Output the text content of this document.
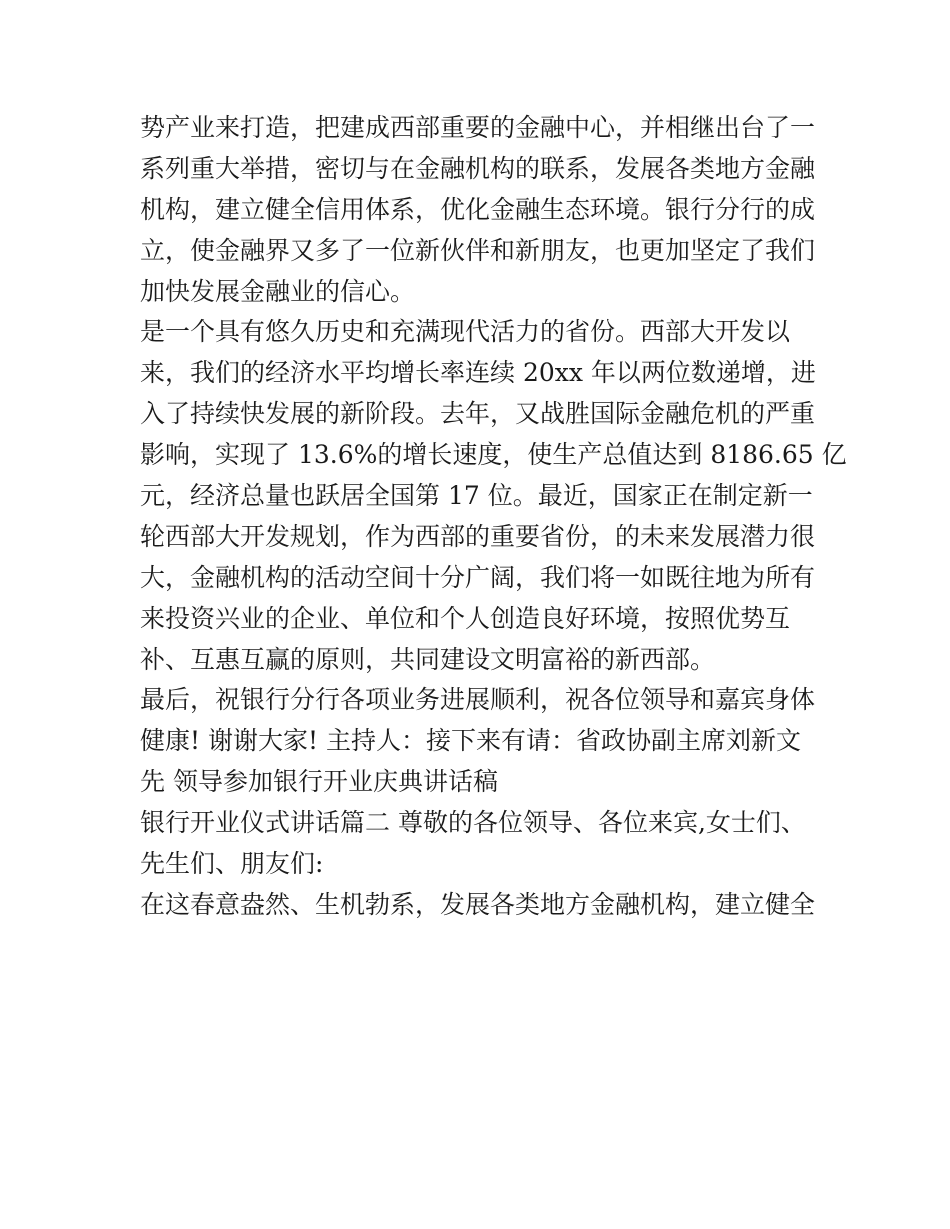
势产业来打造，把建成西部重要的金融中心，并相继出台了一
系列重大举措，密切与在金融机构的联系，发展各类地方金融
机构，建立健全信用体系，优化金融生态环境。银行分行的成
立，使金融界又多了一位新伙伴和新朋友，也更加坚定了我们
加快发展金融业的信心。
是一个具有悠久历史和充满现代活力的省份。西部大开发以
来，我们的经济水平均增长率连续 20xx 年以两位数递增，进
入了持续快发展的新阶段。去年，又战胜国际金融危机的严重
影响，实现了 13.6%的增长速度，使生产总值达到 8186.65 亿
元，经济总量也跃居全国第 17 位。最近，国家正在制定新一
轮西部大开发规划，作为西部的重要省份，的未来发展潜力很
大，金融机构的活动空间十分广阔，我们将一如既往地为所有
来投资兴业的企业、单位和个人创造良好环境，按照优势互
补、互惠互赢的原则，共同建设文明富裕的新西部。
最后，祝银行分行各项业务进展顺利，祝各位领导和嘉宾身体
健康! 谢谢大家! 主持人：接下来有请：省政协副主席刘新文
先 领导参加银行开业庆典讲话稿
银行开业仪式讲话篇二 尊敬的各位领导、各位来宾,女士们、
先生们、朋友们:
在这春意盎然、生机勃系，发展各类地方金融机构，建立健全
